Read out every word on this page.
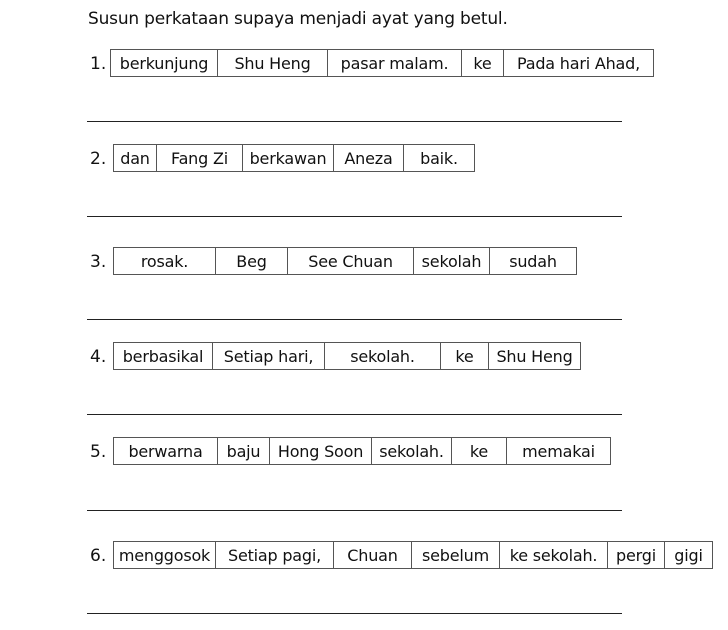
Susun perkataan supaya menjadi ayat yang betul.
1. berkunjung	Shu Heng	pasar malam.	ke	Pada hari Ahad,
2. dan	Fang Zi	berkawan	Aneza	baik.
3.	rosak.	Beg	See Chuan	sekolah	sudah
4.	berbasikal	Setiap hari,	sekolah.	ke	Shu Heng
5.	berwarna	baju	Hong Soon	sekolah.	ke	memakai
6. menggosok	Setiap pagi,	Chuan	sebelum	ke sekolah.	pergi	gigi
